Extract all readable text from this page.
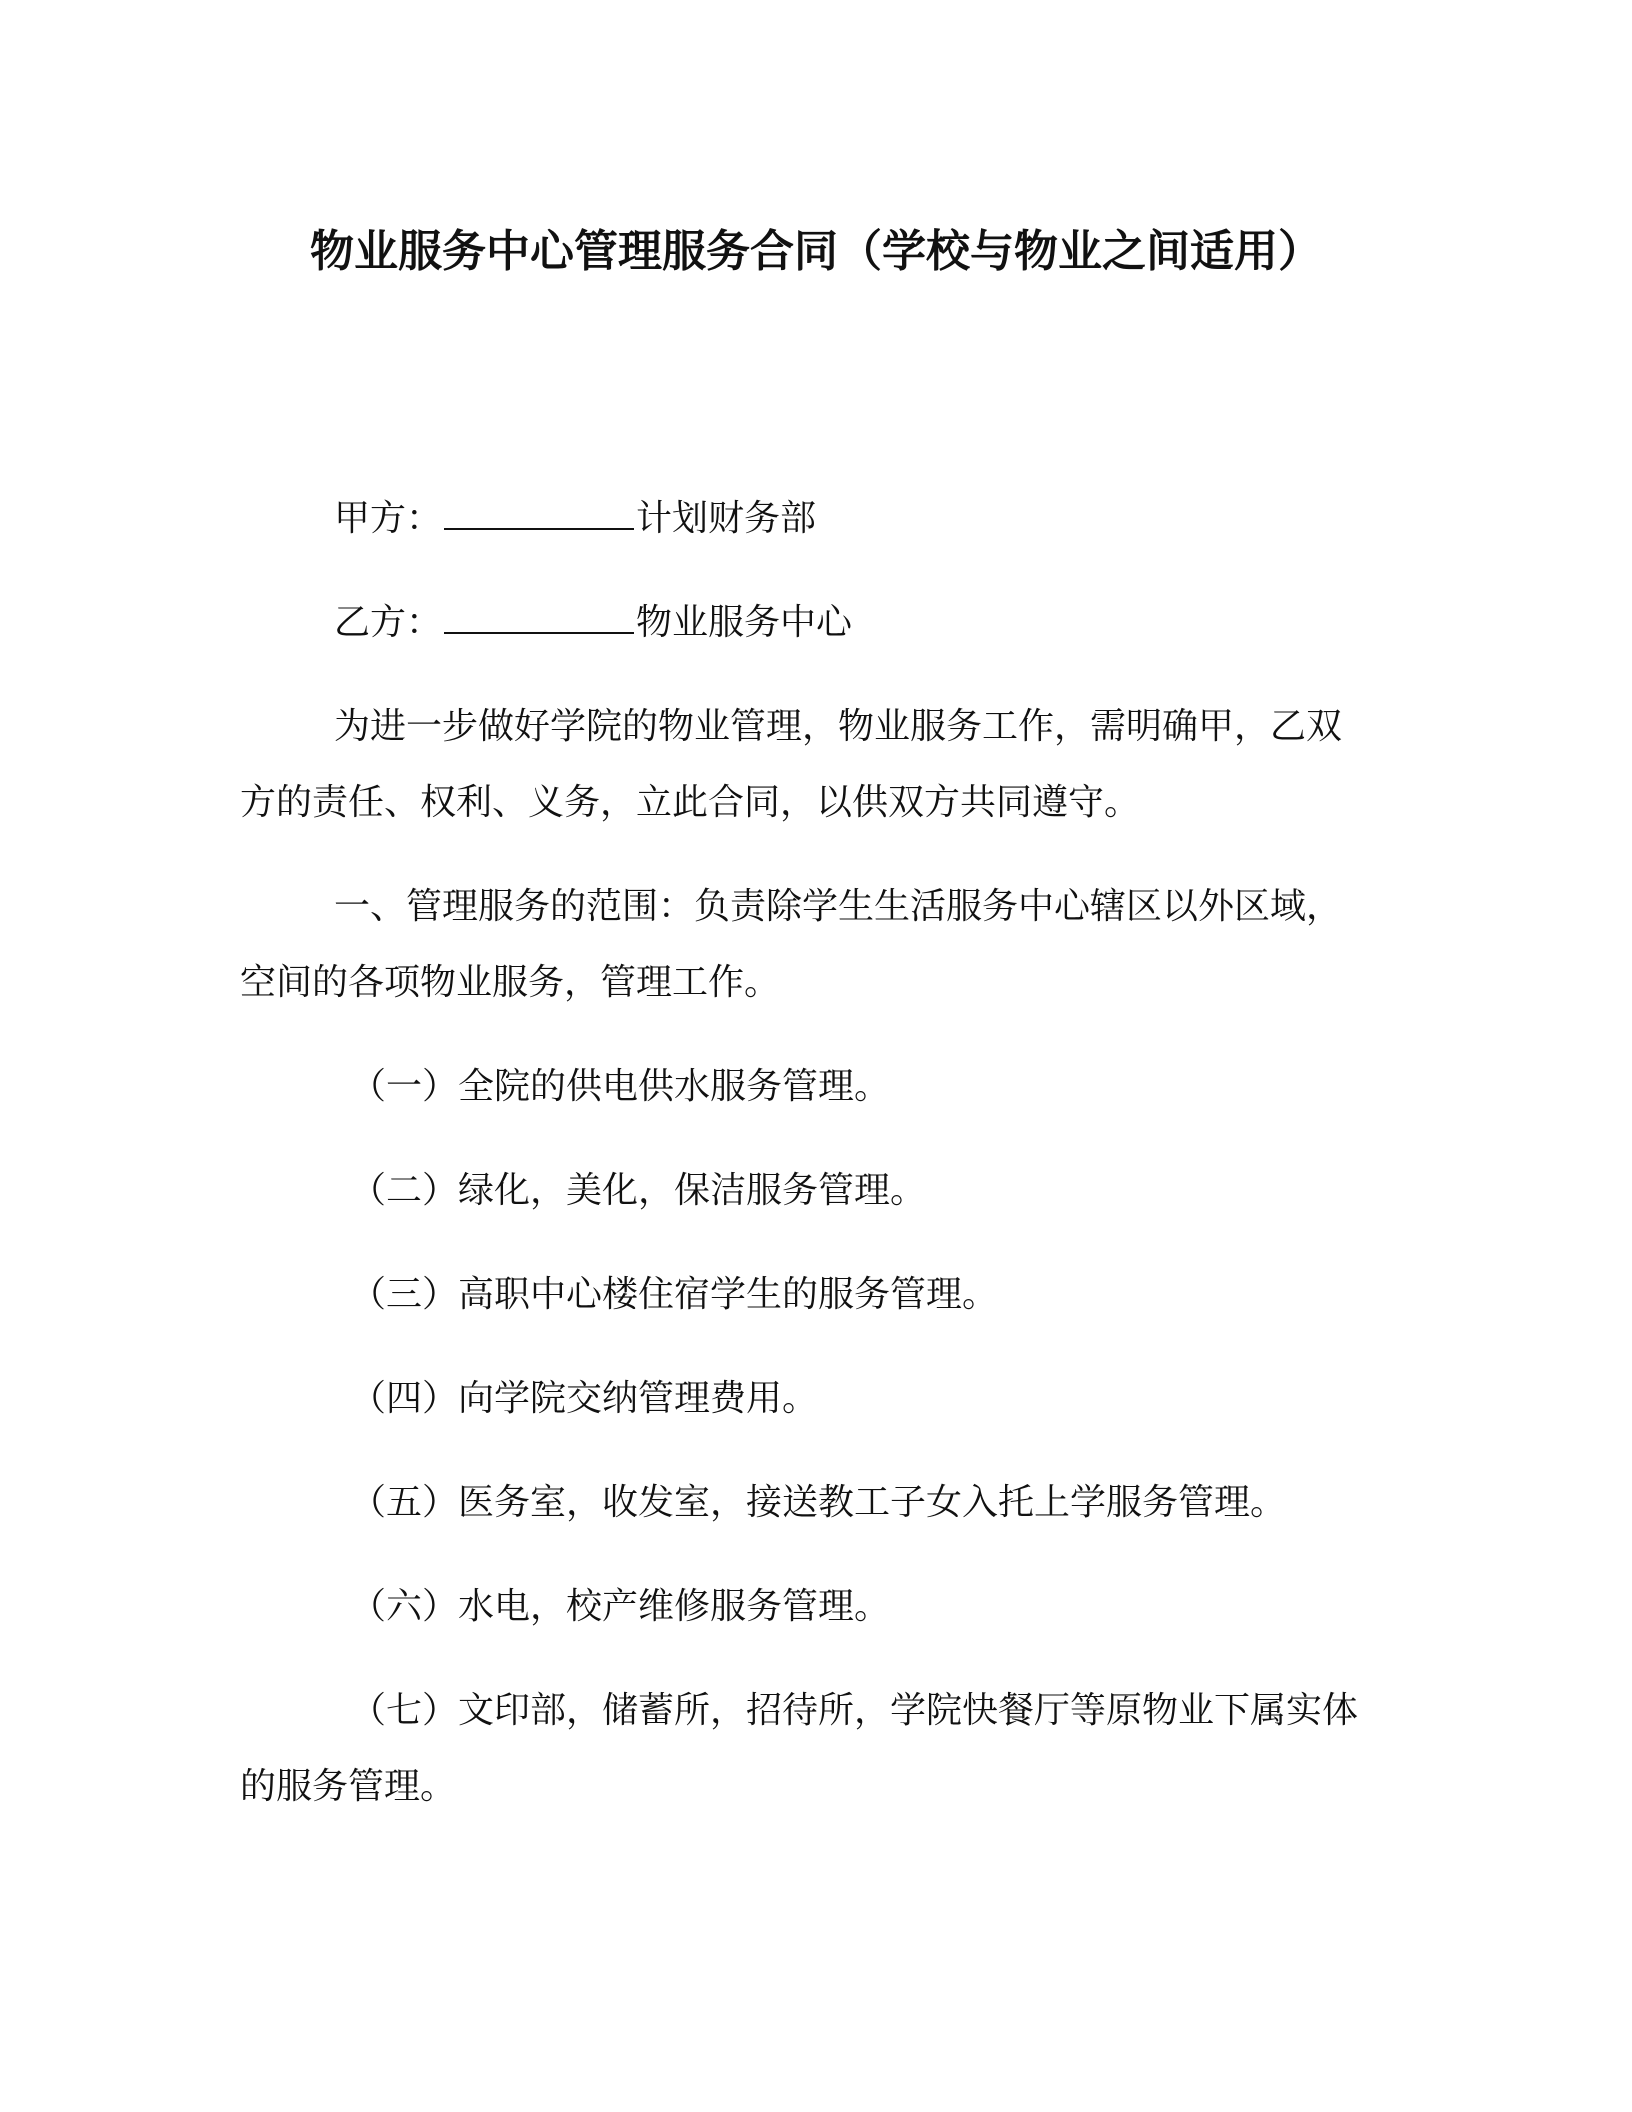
物业服务中心管理服务合同（学校与物业之间适用）
甲方：	计划财务部
乙方：	物业服务中心
为进一步做好学院的物业管理，物业服务工作，需明确甲，乙双
方的责任、权利、义务，立此合同，以供双方共同遵守。
一、管理服务的范围：负责除学生生活服务中心辖区以外区域，
空间的各项物业服务，管理工作。
（一）全院的供电供水服务管理。
（二）绿化，美化，保洁服务管理。
（三）高职中心楼住宿学生的服务管理。
（四）向学院交纳管理费用。
（五）医务室，收发室，接送教工子女入托上学服务管理。
（六）水电，校产维修服务管理。
（七）文印部，储蓄所，招待所，学院快餐厅等原物业下属实体
的服务管理。
